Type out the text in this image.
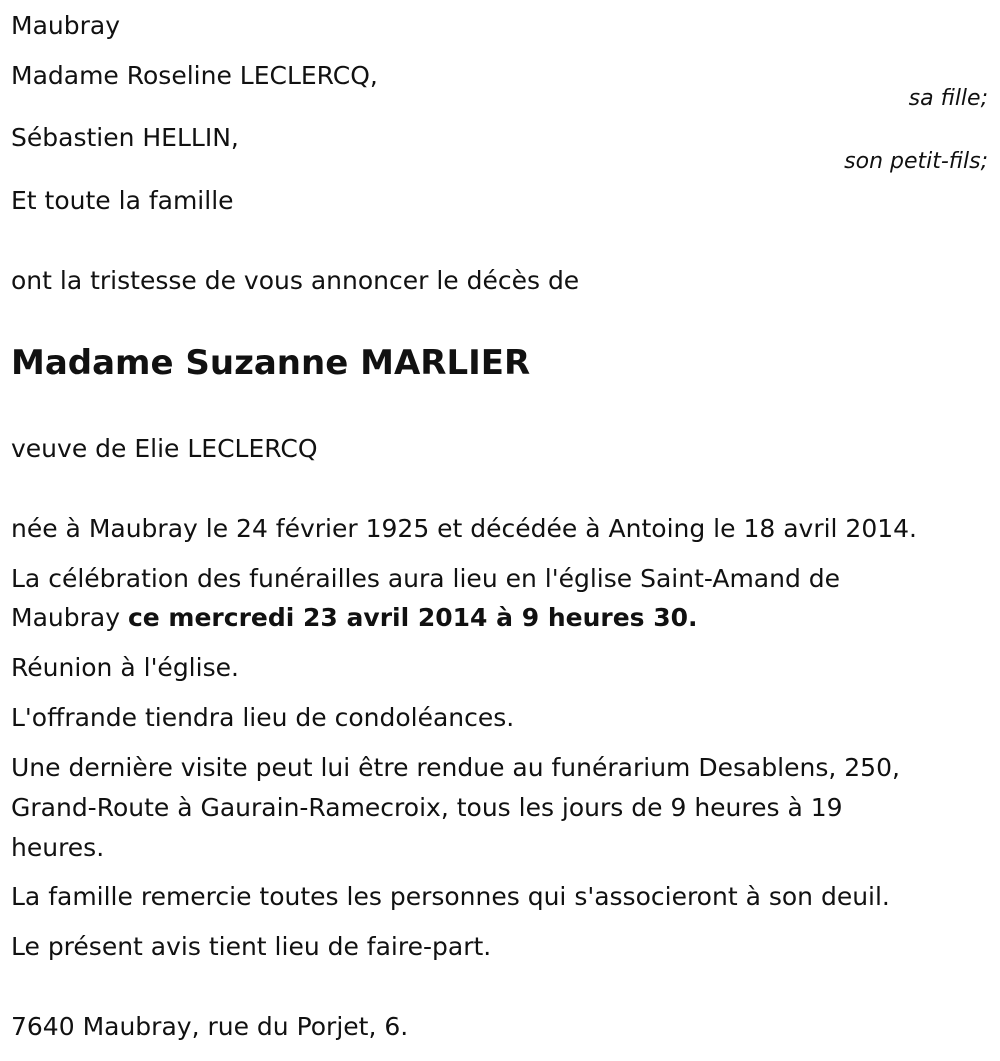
Maubray

Madame Roseline LECLERCQ,

sa fille;

Sébastien HELLIN,

son petit-fils;

Et toute la famille

ont la tristesse de vous annoncer le décès de

Madame Suzanne MARLIER

veuve de Elie LECLERCQ

née à Maubray le 24 février 1925 et décédée à Antoing le 18 avril 2014.

La célébration des funérailles aura lieu en l'église Saint-Amand de

Maubray ce mercredi 23 avril 2014 à 9 heures 30.

Réunion à l'église.

L'offrande tiendra lieu de condoléances.

Une dernière visite peut lui être rendue au funérarium Desablens, 250,

Grand-Route à Gaurain-Ramecroix, tous les jours de 9 heures à 19

heures.

La famille remercie toutes les personnes qui s'associeront à son deuil.

Le présent avis tient lieu de faire-part.

7640 Maubray, rue du Porjet, 6.
